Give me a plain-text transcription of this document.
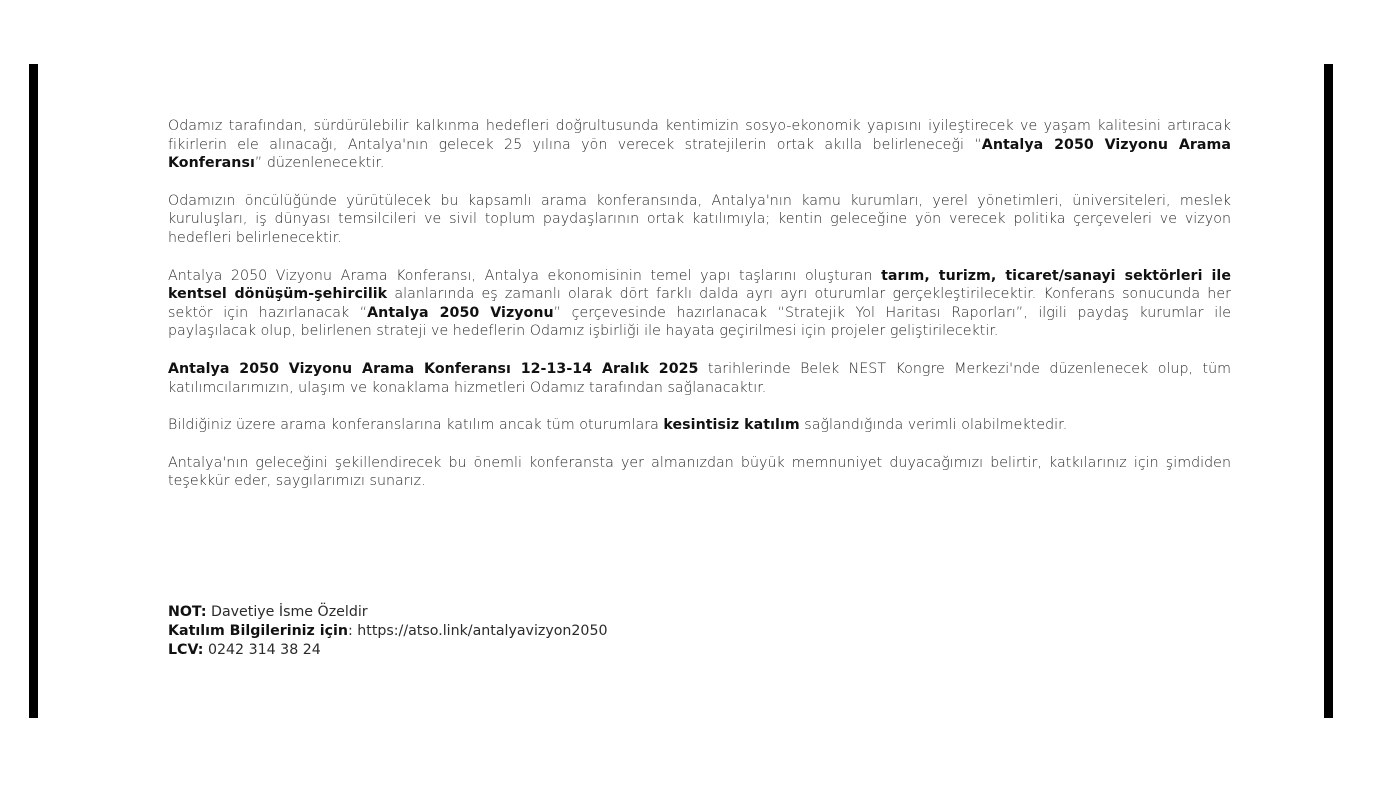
Odamız tarafından, sürdürülebilir kalkınma hedefleri doğrultusunda kentimizin sosyo-ekonomik yapısını iyileştirecek ve yaşam kalitesini artıracak fikirlerin ele alınacağı, Antalya'nın gelecek 25 yılına yön verecek stratejilerin ortak akılla belirleneceği “Antalya 2050 Vizyonu Arama Konferansı” düzenlenecektir.

Odamızın öncülüğünde yürütülecek bu kapsamlı arama konferansında, Antalya'nın kamu kurumları, yerel yönetimleri, üniversiteleri, meslek kuruluşları, iş dünyası temsilcileri ve sivil toplum paydaşlarının ortak katılımıyla; kentin geleceğine yön verecek politika çerçeveleri ve vizyon hedefleri belirlenecektir.

Antalya 2050 Vizyonu Arama Konferansı, Antalya ekonomisinin temel yapı taşlarını oluşturan tarım, turizm, ticaret/sanayi sektörleri ile kentsel dönüşüm-şehircilik alanlarında eş zamanlı olarak dört farklı dalda ayrı ayrı oturumlar gerçekleştirilecektir. Konferans sonucunda her sektör için hazırlanacak “Antalya 2050 Vizyonu” çerçevesinde hazırlanacak “Stratejik Yol Haritası Raporları”, ilgili paydaş kurumlar ile paylaşılacak olup, belirlenen strateji ve hedeflerin Odamız işbirliği ile hayata geçirilmesi için projeler geliştirilecektir.

Antalya 2050 Vizyonu Arama Konferansı 12-13-14 Aralık 2025 tarihlerinde Belek NEST Kongre Merkezi'nde düzenlenecek olup, tüm katılımcılarımızın, ulaşım ve konaklama hizmetleri Odamız tarafından sağlanacaktır.

Bildiğiniz üzere arama konferanslarına katılım ancak tüm oturumlara kesintisiz katılım sağlandığında verimli olabilmektedir.

Antalya'nın geleceğini şekillendirecek bu önemli konferansta yer almanızdan büyük memnuniyet duyacağımızı belirtir, katkılarınız için şimdiden teşekkür eder, saygılarımızı sunarız.

NOT: Davetiye İsme Özeldir
Katılım Bilgileriniz için: https://atso.link/antalyavizyon2050
LCV: 0242 314 38 24
